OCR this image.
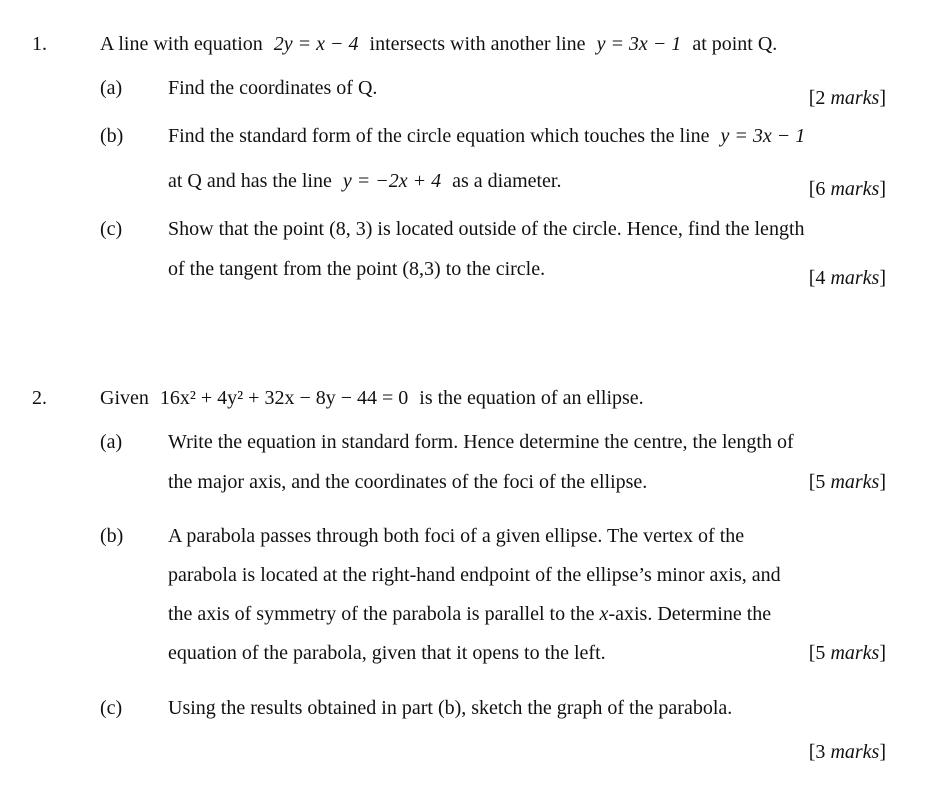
1.	A line with equation 2y = x − 4 intersects with another line y = 3x − 1 at point Q.
(a) Find the coordinates of Q.	[2 marks]
(b) Find the standard form of the circle equation which touches the line y = 3x − 1
at Q and has the line y = −2x + 4 as a diameter.	[6 marks]
(c) Show that the point (8, 3) is located outside of the circle. Hence, find the length
of the tangent from the point (8,3) to the circle.	[4 marks]
2.	Given 16x² + 4y² + 32x − 8y − 44 = 0 is the equation of an ellipse.
(a) Write the equation in standard form. Hence determine the centre, the length of
the major axis, and the coordinates of the foci of the ellipse.	[5 marks]
(b) A parabola passes through both foci of a given ellipse. The vertex of the
parabola is located at the right-hand endpoint of the ellipse’s minor axis, and
the axis of symmetry of the parabola is parallel to the x-axis. Determine the
equation of the parabola, given that it opens to the left.	[5 marks]
(c) Using the results obtained in part (b), sketch the graph of the parabola.
[3 marks]
